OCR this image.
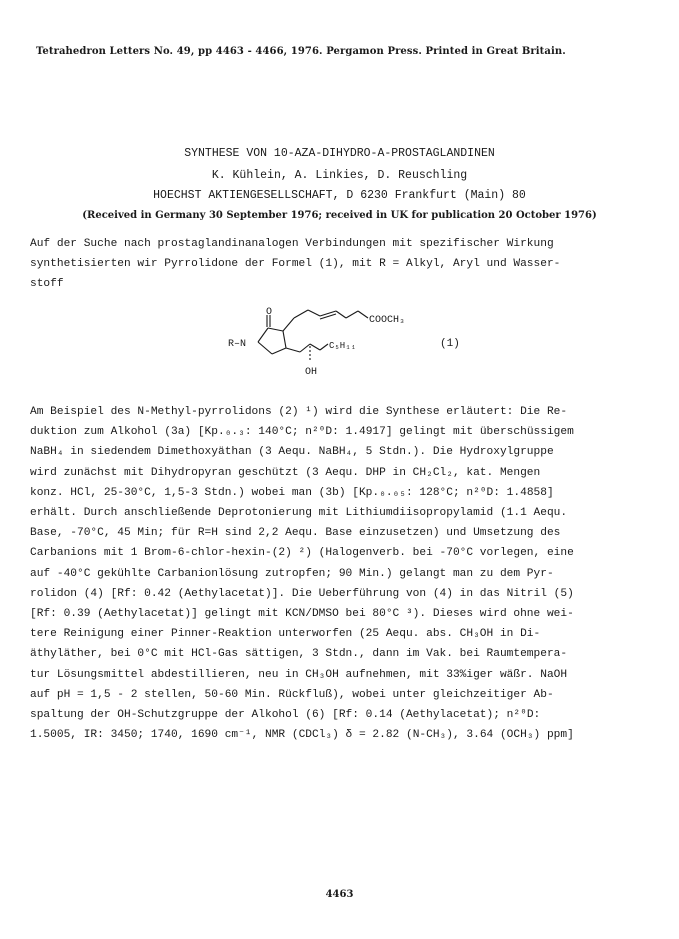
Tetrahedron Letters No. 49, pp 4463 - 4466, 1976. Pergamon Press. Printed in Great Britain.
SYNTHESE VON 10-AZA-DIHYDRO-A-PROSTAGLANDINEN
K. Kühlein, A. Linkies, D. Reuschling
HOECHST AKTIENGESELLSCHAFT, D 6230 Frankfurt (Main) 80
(Received in Germany 30 September 1976; received in UK for publication 20 October 1976)
Auf der Suche nach prostaglandinanalogen Verbindungen mit spezifischer Wirkung
synthetisierten wir Pyrrolidone der Formel (1), mit R = Alkyl, Aryl und Wasser-
stoff
O
R–N
COOCH₃
C₅H₁₁
OH
(1)
Am Beispiel des N-Methyl-pyrrolidons (2) ¹) wird die Synthese erläutert: Die Re-
duktion zum Alkohol (3a) [Kp.₀.₃: 140°C; n²⁰D: 1.4917] gelingt mit überschüssigem
NaBH₄ in siedendem Dimethoxyäthan (3 Aequ. NaBH₄, 5 Stdn.). Die Hydroxylgruppe
wird zunächst mit Dihydropyran geschützt (3 Aequ. DHP in CH₂Cl₂, kat. Mengen
konz. HCl, 25-30°C, 1,5-3 Stdn.) wobei man (3b) [Kp.₀.₀₅: 128°C; n²⁰D: 1.4858]
erhält. Durch anschließende Deprotonierung mit Lithiumdiisopropylamid (1.1 Aequ.
Base, -70°C, 45 Min; für R=H sind 2,2 Aequ. Base einzusetzen) und Umsetzung des
Carbanions mit 1 Brom-6-chlor-hexin-(2) ²) (Halogenverb. bei -70°C vorlegen, eine
auf -40°C gekühlte Carbanionlösung zutropfen; 90 Min.) gelangt man zu dem Pyr-
rolidon (4) [Rf: 0.42 (Aethylacetat)]. Die Ueberführung von (4) in das Nitril (5)
[Rf: 0.39 (Aethylacetat)] gelingt mit KCN/DMSO bei 80°C ³). Dieses wird ohne wei-
tere Reinigung einer Pinner-Reaktion unterworfen (25 Aequ. abs. CH₃OH in Di-
äthyläther, bei 0°C mit HCl-Gas sättigen, 3 Stdn., dann im Vak. bei Raumtempera-
tur Lösungsmittel abdestillieren, neu in CH₃OH aufnehmen, mit 33%iger wäßr. NaOH
auf pH = 1,5 - 2 stellen, 50-60 Min. Rückfluß), wobei unter gleichzeitiger Ab-
spaltung der OH-Schutzgruppe der Alkohol (6) [Rf: 0.14 (Aethylacetat); n²⁰D:
1.5005, IR: 3450; 1740, 1690 cm⁻¹, NMR (CDCl₃) δ = 2.82 (N-CH₃), 3.64 (OCH₃) ppm]
4463
